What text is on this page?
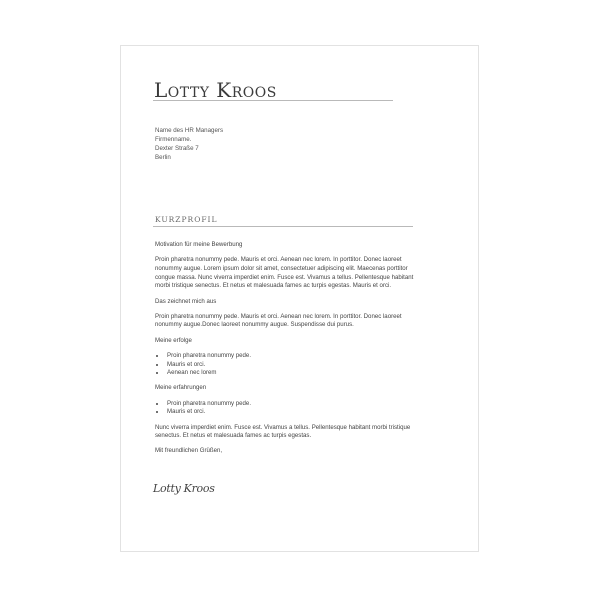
Lotty Kroos
Name des HR Managers
Firmenname.
Dexter Straße 7
Berlin
KURZPROFIL

Motivation für meine Bewerbung

Proin pharetra nonummy pede. Mauris et orci. Aenean nec lorem. In porttitor. Donec laoreet nonummy augue. Lorem ipsum dolor sit amet, consectetuer adipiscing elit. Maecenas porttitor congue massa. Nunc viverra imperdiet enim. Fusce est. Vivamus a tellus. Pellentesque habitant morbi tristique senectus. Et netus et malesuada fames ac turpis egestas. Mauris et orci.

Das zeichnet mich aus

Proin pharetra nonummy pede. Mauris et orci. Aenean nec lorem. In porttitor. Donec laoreet nonummy augue.Donec laoreet nonummy augue. Suspendisse dui purus.

Meine erfolge

• Proin pharetra nonummy pede.
• Mauris et orci.
• Aenean nec lorem

Meine erfahrungen

• Proin pharetra nonummy pede.
• Mauris et orci.

Nunc viverra imperdiet enim. Fusce est. Vivamus a tellus. Pellentesque habitant morbi tristique senectus. Et netus et malesuada fames ac turpis egestas.

Mit freundlichen Grüßen,

Lotty Kroos
